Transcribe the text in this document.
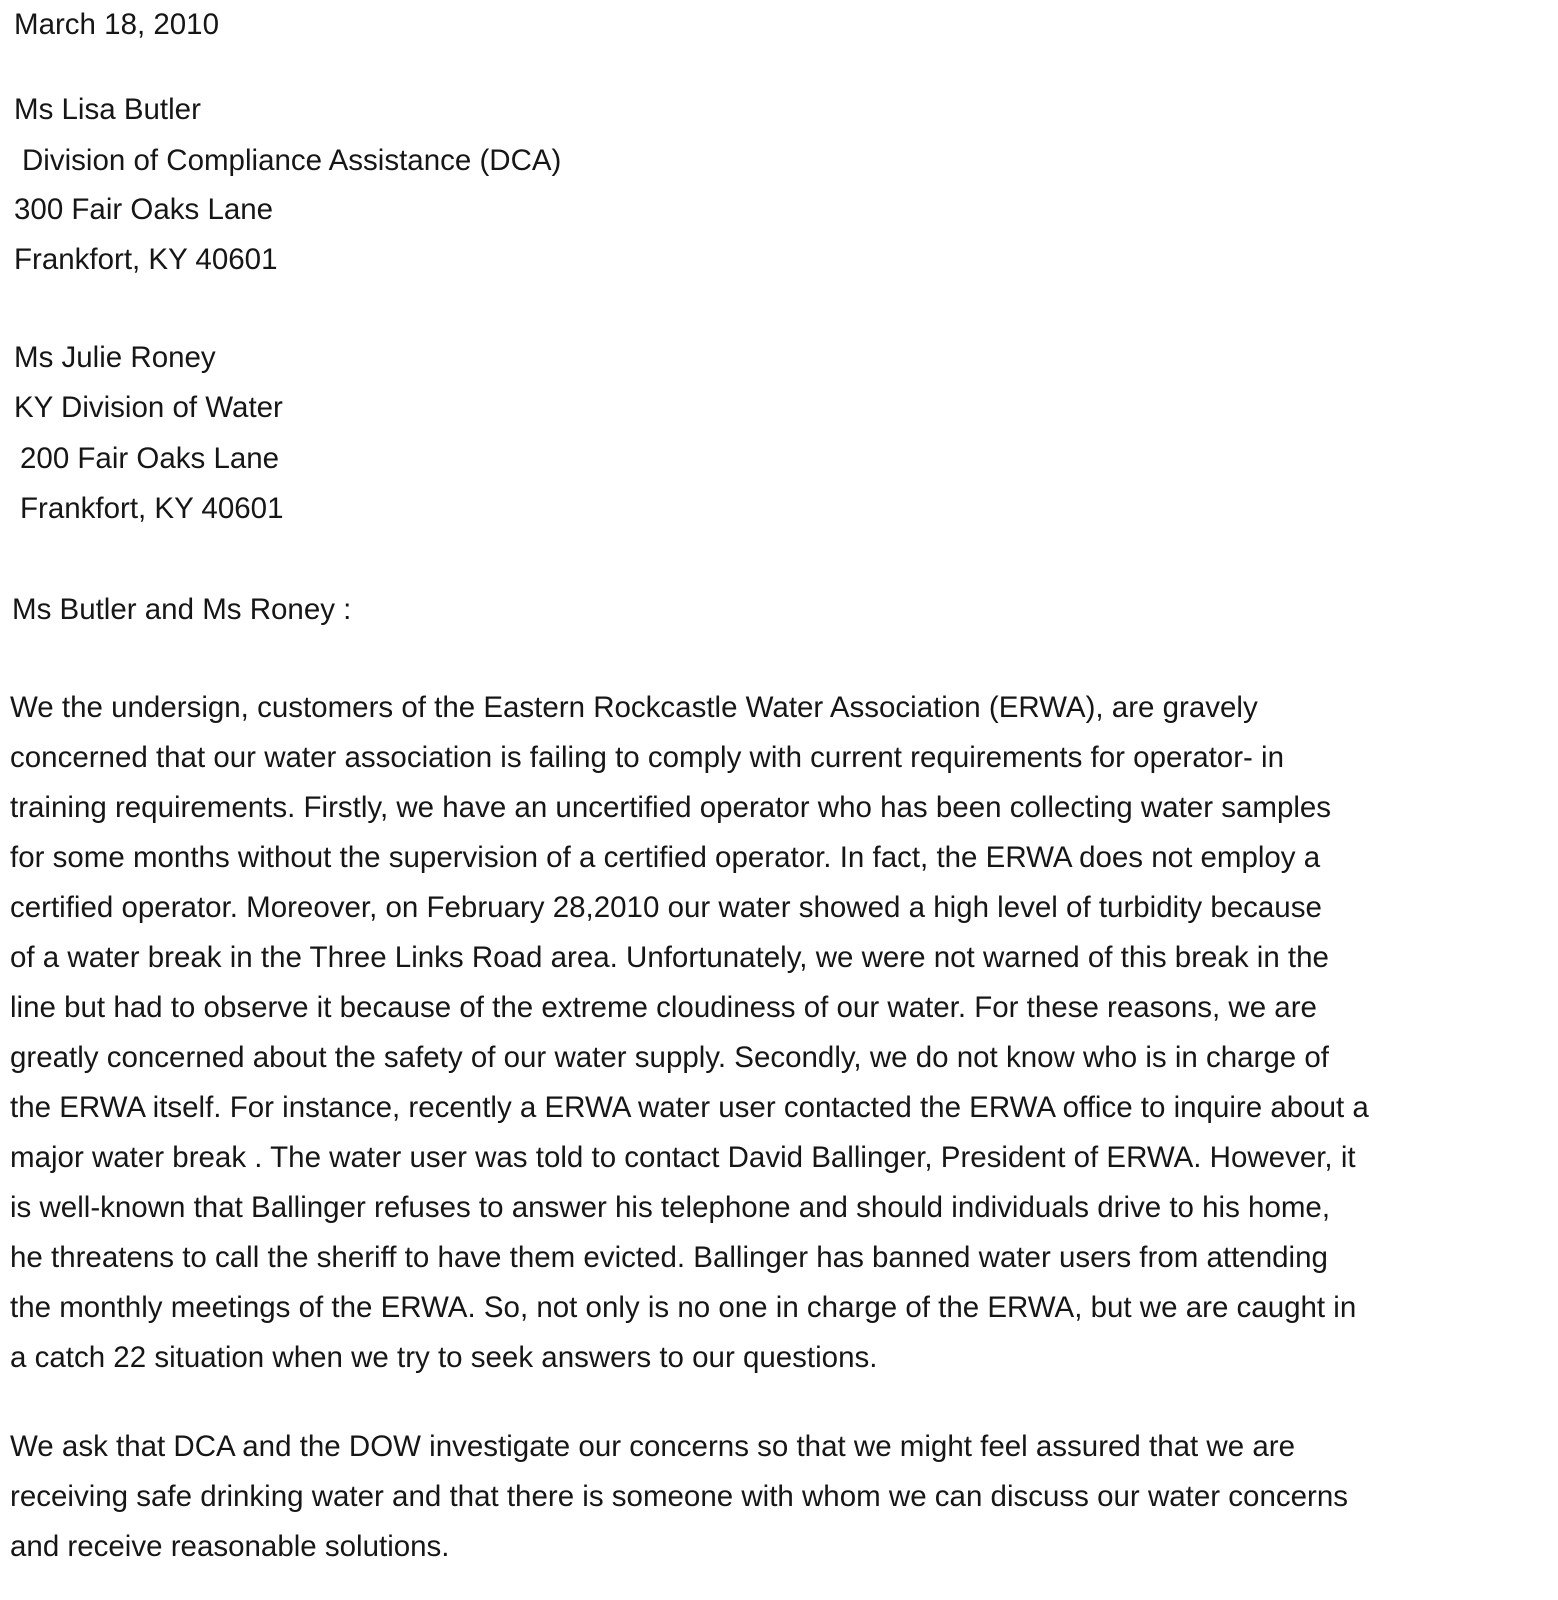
March 18, 2010
Ms Lisa Butler
Division of Compliance Assistance (DCA)
300 Fair Oaks Lane
Frankfort, KY 40601
Ms Julie Roney
KY Division of Water
200 Fair Oaks Lane
Frankfort, KY 40601
Ms Butler and Ms Roney :
We the undersign, customers of the Eastern Rockcastle Water Association (ERWA), are gravely
concerned that our water association is failing to comply with current requirements for operator- in
training requirements. Firstly, we have an uncertified operator who has been collecting water samples
for some months without the supervision of a certified operator. In fact, the ERWA does not employ a
certified operator. Moreover, on February 28,2010 our water showed a high level of turbidity because
of a water break in the Three Links Road area. Unfortunately, we were not warned of this break in the
line but had to observe it because of the extreme cloudiness of our water. For these reasons, we are
greatly concerned about the safety of our water supply. Secondly, we do not know who is in charge of
the ERWA itself. For instance, recently a ERWA water user contacted the ERWA office to inquire about a
major water break . The water user was told to contact David Ballinger, President of ERWA. However, it
is well-known that Ballinger refuses to answer his telephone and should individuals drive to his home,
he threatens to call the sheriff to have them evicted. Ballinger has banned water users from attending
the monthly meetings of the ERWA. So, not only is no one in charge of the ERWA, but we are caught in
a catch 22 situation when we try to seek answers to our questions.
We ask that DCA and the DOW investigate our concerns so that we might feel assured that we are
receiving safe drinking water and that there is someone with whom we can discuss our water concerns
and receive reasonable solutions.
